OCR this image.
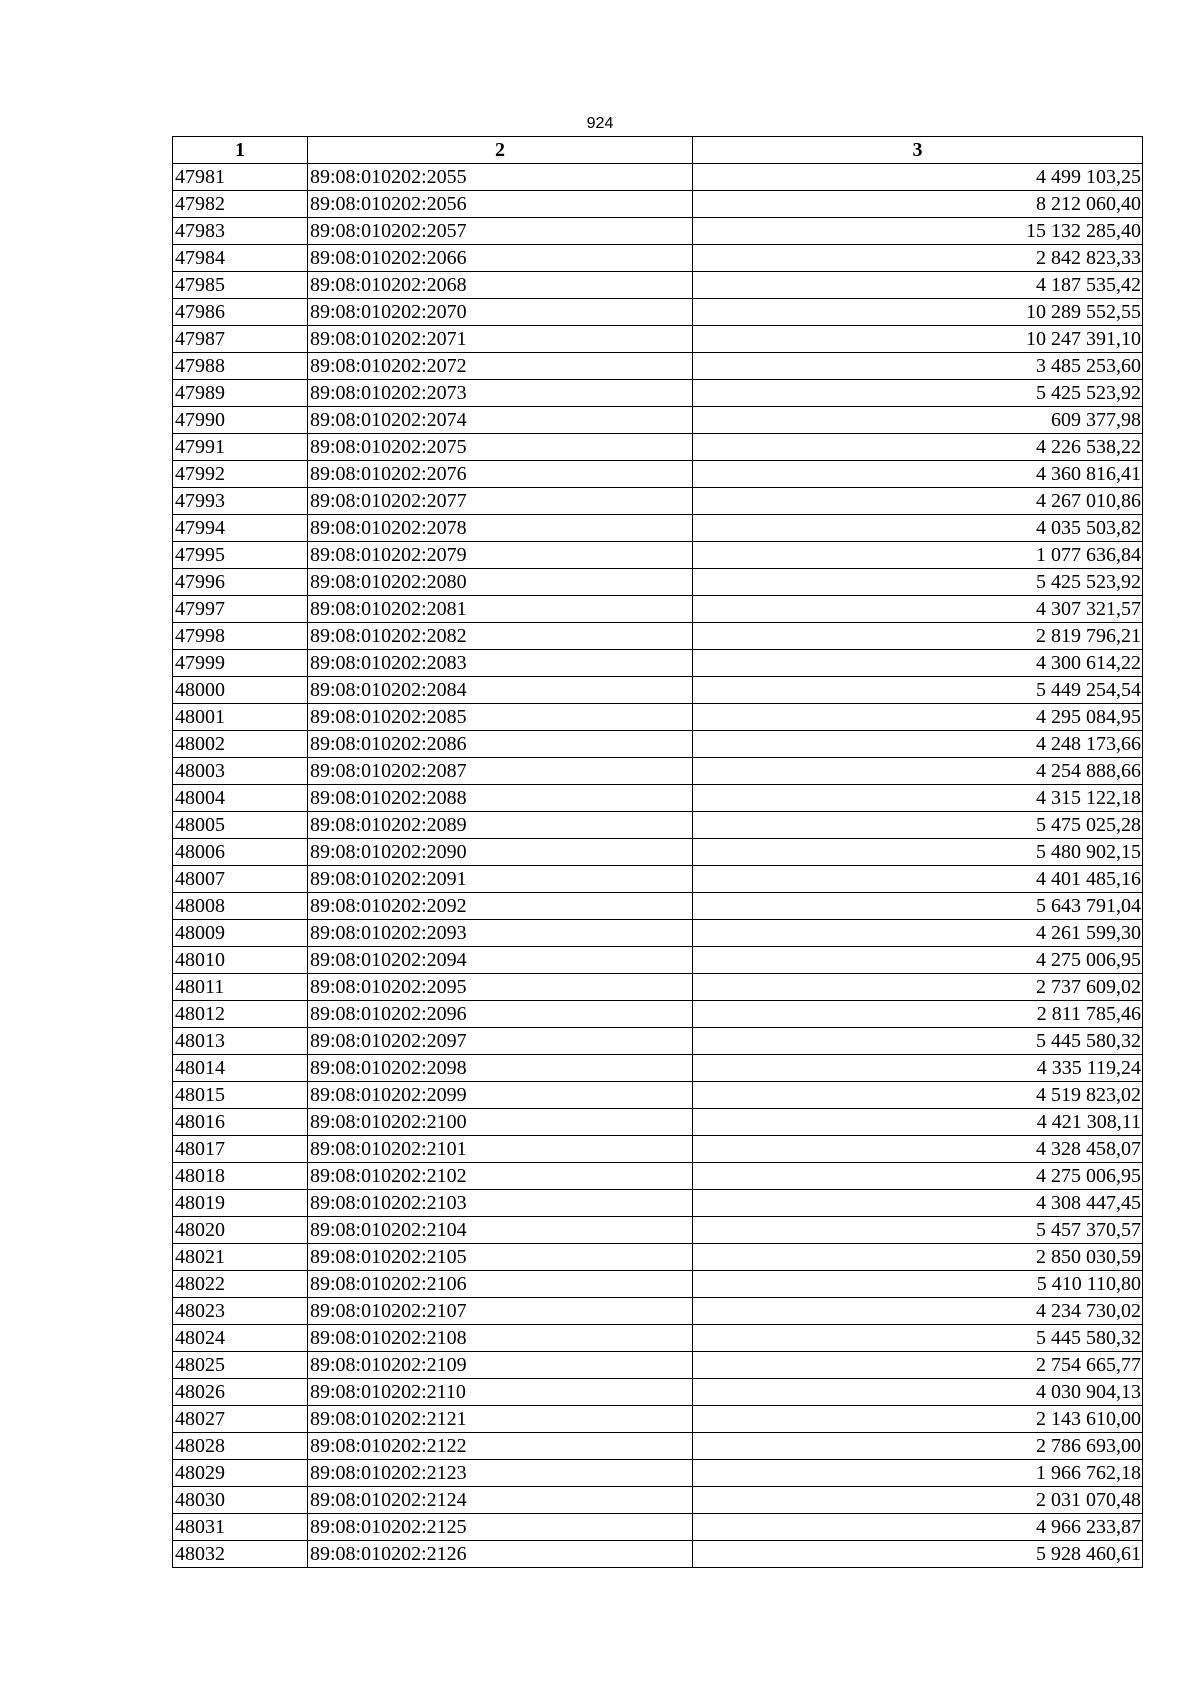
924
1	2	3
47981	89:08:010202:2055	4 499 103,25
47982	89:08:010202:2056	8 212 060,40
47983	89:08:010202:2057	15 132 285,40
47984	89:08:010202:2066	2 842 823,33
47985	89:08:010202:2068	4 187 535,42
47986	89:08:010202:2070	10 289 552,55
47987	89:08:010202:2071	10 247 391,10
47988	89:08:010202:2072	3 485 253,60
47989	89:08:010202:2073	5 425 523,92
47990	89:08:010202:2074	609 377,98
47991	89:08:010202:2075	4 226 538,22
47992	89:08:010202:2076	4 360 816,41
47993	89:08:010202:2077	4 267 010,86
47994	89:08:010202:2078	4 035 503,82
47995	89:08:010202:2079	1 077 636,84
47996	89:08:010202:2080	5 425 523,92
47997	89:08:010202:2081	4 307 321,57
47998	89:08:010202:2082	2 819 796,21
47999	89:08:010202:2083	4 300 614,22
48000	89:08:010202:2084	5 449 254,54
48001	89:08:010202:2085	4 295 084,95
48002	89:08:010202:2086	4 248 173,66
48003	89:08:010202:2087	4 254 888,66
48004	89:08:010202:2088	4 315 122,18
48005	89:08:010202:2089	5 475 025,28
48006	89:08:010202:2090	5 480 902,15
48007	89:08:010202:2091	4 401 485,16
48008	89:08:010202:2092	5 643 791,04
48009	89:08:010202:2093	4 261 599,30
48010	89:08:010202:2094	4 275 006,95
48011	89:08:010202:2095	2 737 609,02
48012	89:08:010202:2096	2 811 785,46
48013	89:08:010202:2097	5 445 580,32
48014	89:08:010202:2098	4 335 119,24
48015	89:08:010202:2099	4 519 823,02
48016	89:08:010202:2100	4 421 308,11
48017	89:08:010202:2101	4 328 458,07
48018	89:08:010202:2102	4 275 006,95
48019	89:08:010202:2103	4 308 447,45
48020	89:08:010202:2104	5 457 370,57
48021	89:08:010202:2105	2 850 030,59
48022	89:08:010202:2106	5 410 110,80
48023	89:08:010202:2107	4 234 730,02
48024	89:08:010202:2108	5 445 580,32
48025	89:08:010202:2109	2 754 665,77
48026	89:08:010202:2110	4 030 904,13
48027	89:08:010202:2121	2 143 610,00
48028	89:08:010202:2122	2 786 693,00
48029	89:08:010202:2123	1 966 762,18
48030	89:08:010202:2124	2 031 070,48
48031	89:08:010202:2125	4 966 233,87
48032	89:08:010202:2126	5 928 460,61
